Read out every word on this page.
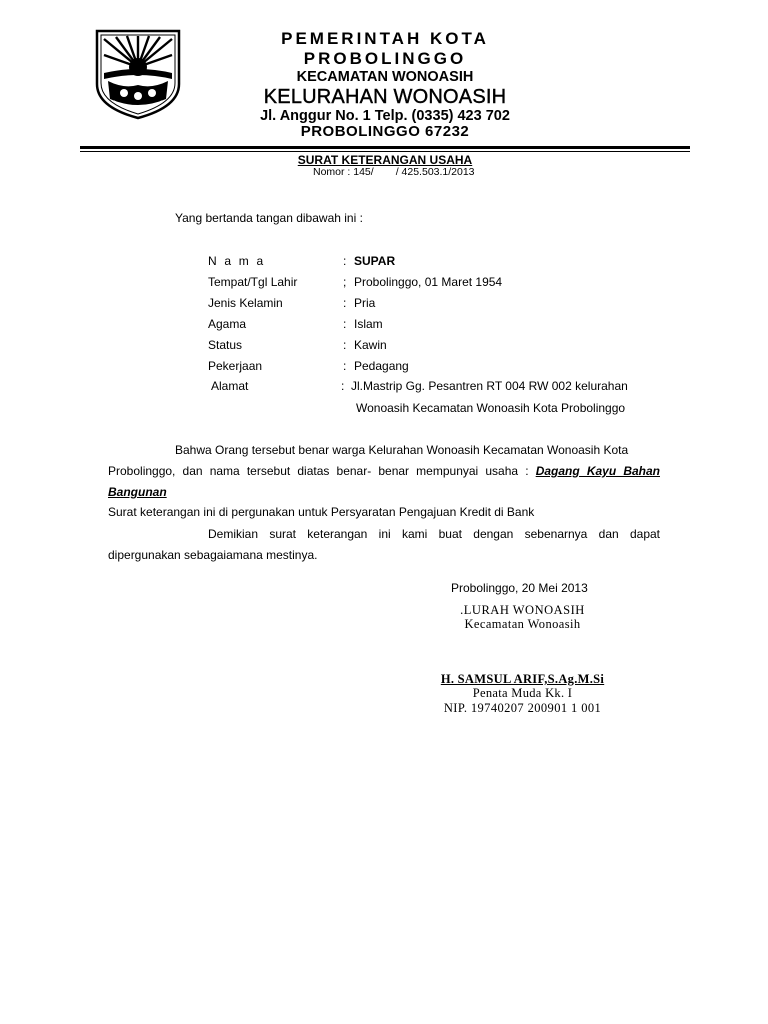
PEMERINTAH KOTA
PROBOLINGGO
KECAMATAN WONOASIH
KELURAHAN WONOASIH
Jl. Anggur No. 1 Telp. (0335) 423 702
PROBOLINGGO 67232
SURAT KETERANGAN USAHA
Nomor : 145/ / 425.503.1/2013
Yang bertanda tangan dibawah ini :
N a m a	: SUPAR
Tempat/Tgl Lahir	; Probolinggo, 01 Maret 1954
Jenis Kelamin	: Pria
Agama	: Islam
Status	: Kawin
Pekerjaan	: Pedagang
Alamat	: Jl.Mastrip Gg. Pesantren RT 004 RW 002 kelurahan
Wonoasih Kecamatan Wonoasih Kota Probolinggo
Bahwa Orang tersebut benar warga Kelurahan Wonoasih Kecamatan Wonoasih Kota
Probolinggo, dan nama tersebut diatas benar- benar mempunyai usaha : Dagang Kayu Bahan
Bangunan
Surat keterangan ini di pergunakan untuk Persyaratan Pengajuan Kredit di Bank
Demikian surat keterangan ini kami buat dengan sebenarnya dan dapat
dipergunakan sebagaiamana mestinya.
Probolinggo, 20 Mei 2013
.LURAH WONOASIH
Kecamatan Wonoasih
H. SAMSUL ARIF,S.Ag.M.Si
Penata Muda Kk. I
NIP. 19740207 200901 1 001
